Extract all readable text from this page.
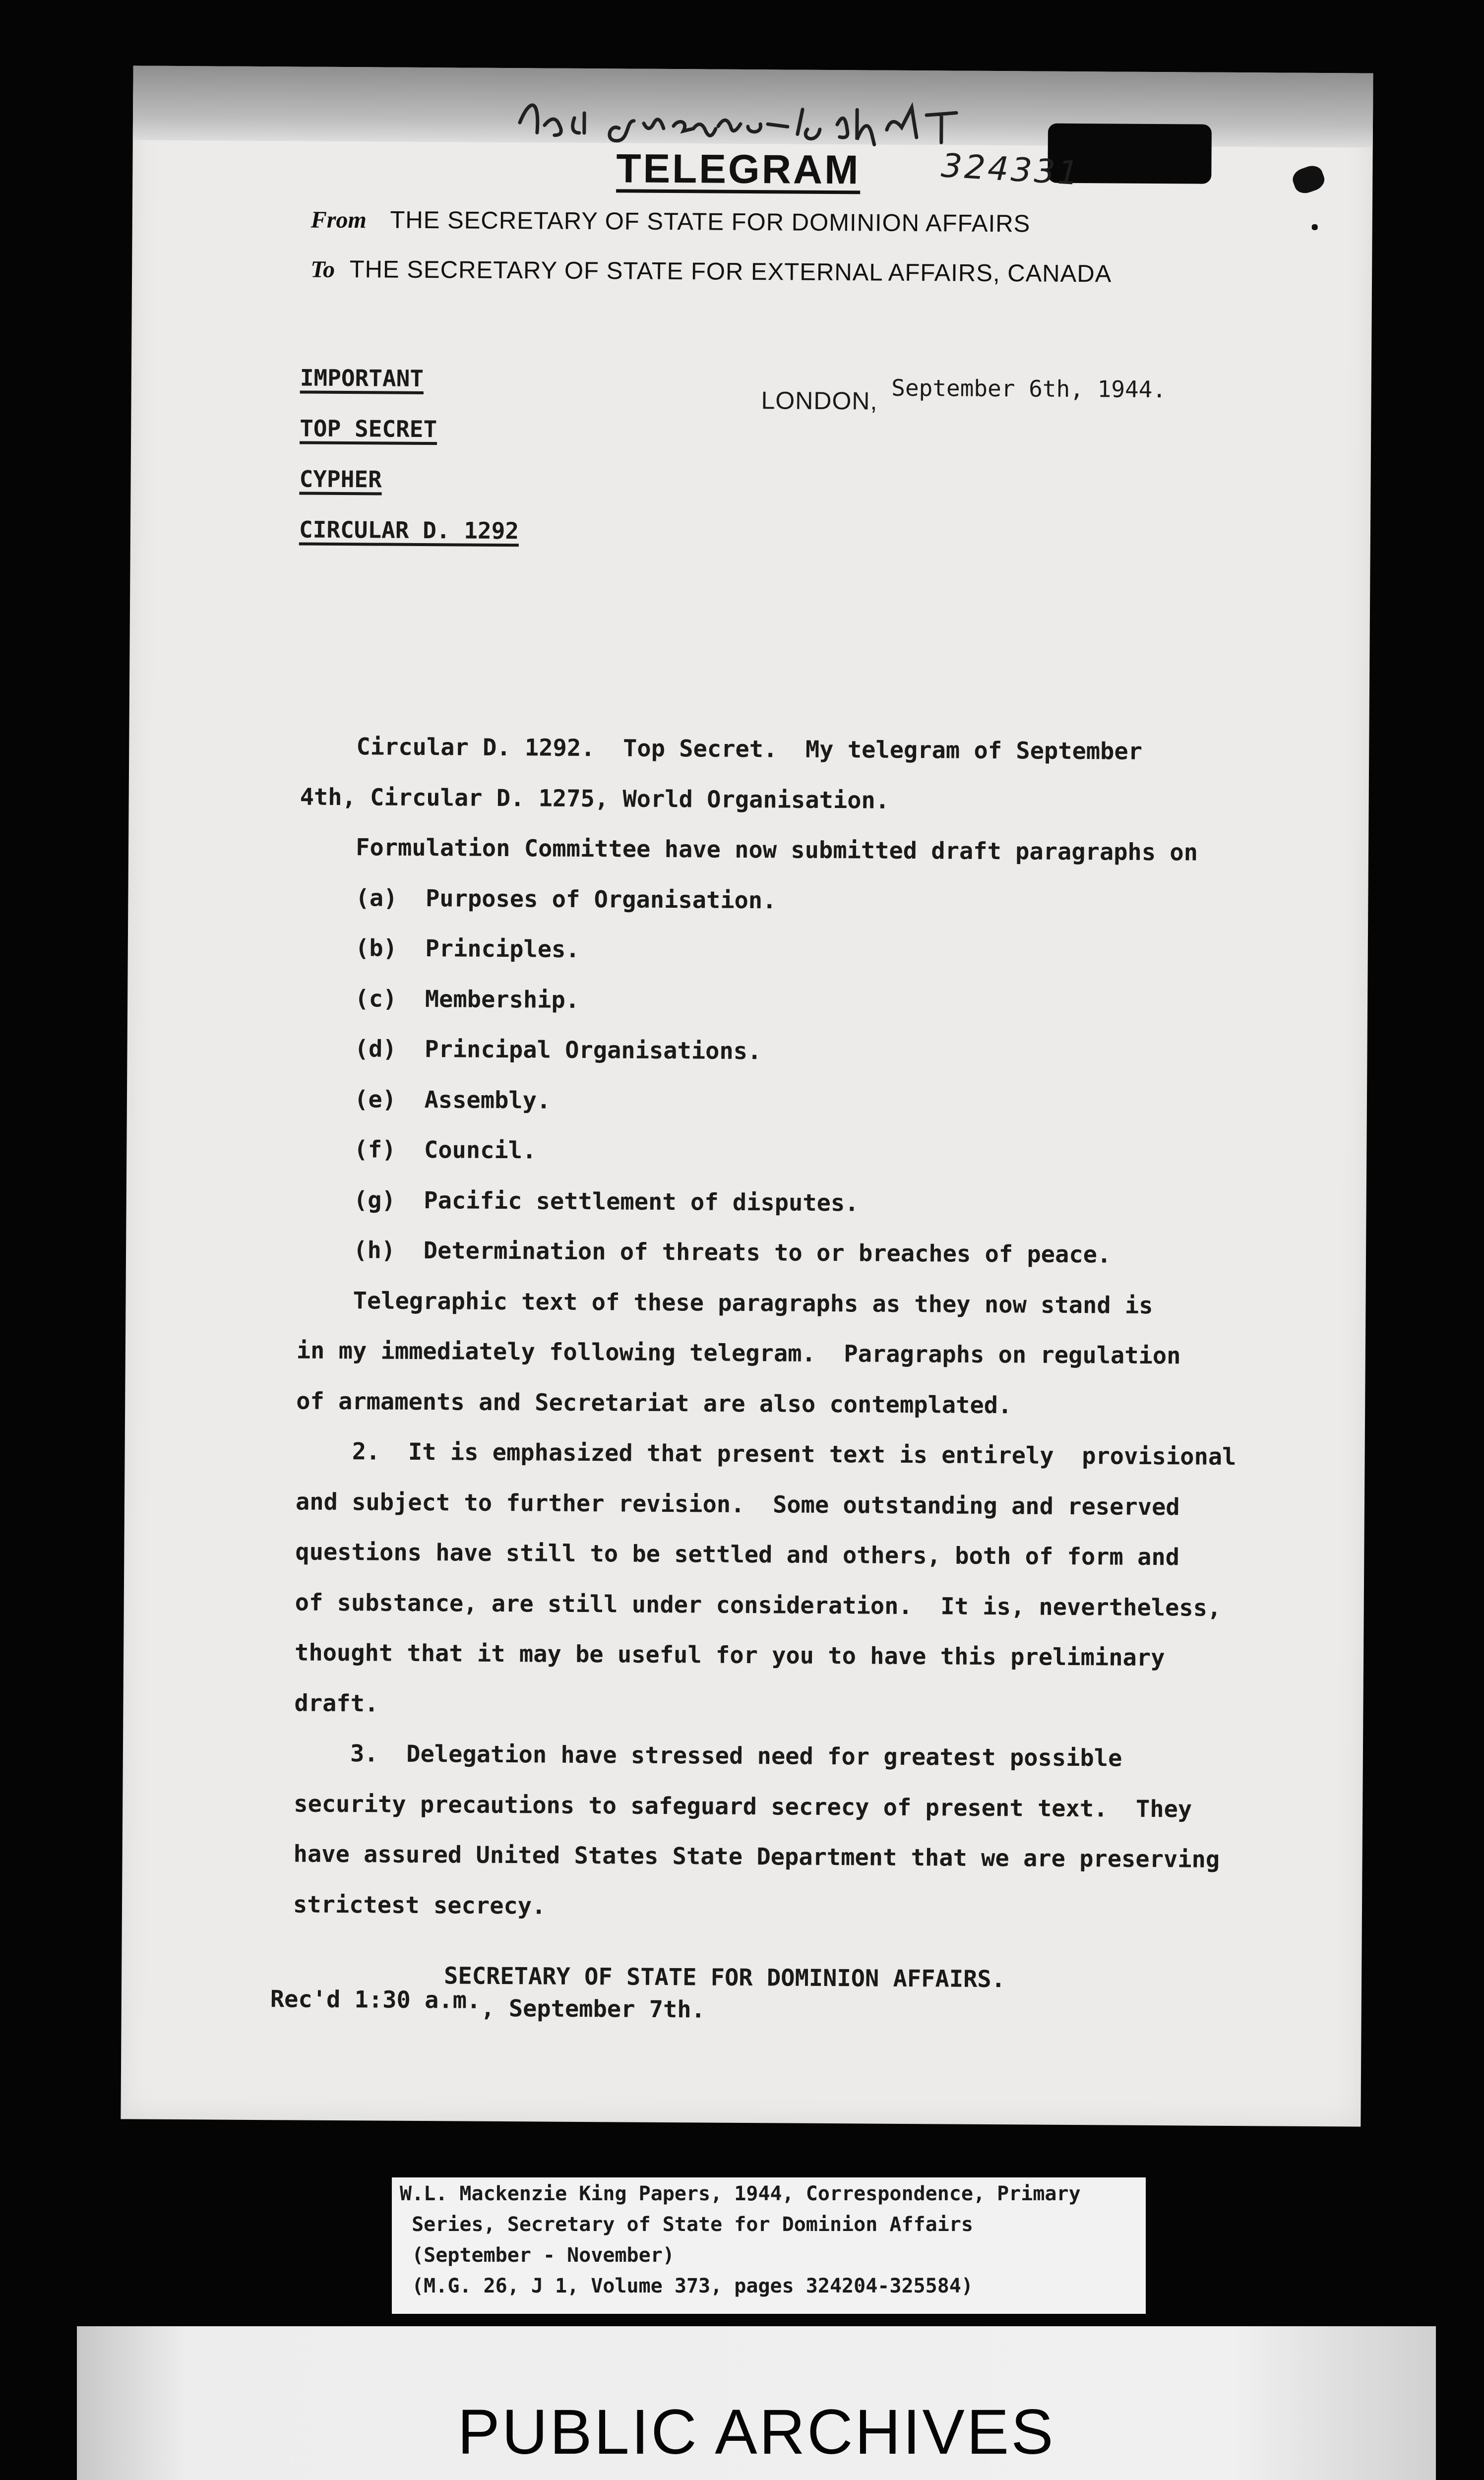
TELEGRAM 324331
From THE SECRETARY OF STATE FOR DOMINION AFFAIRS
To THE SECRETARY OF STATE FOR EXTERNAL AFFAIRS, CANADA
IMPORTANT
TOP SECRET
CYPHER
CIRCULAR D. 1292
LONDON, September 6th, 1944.
Circular D. 1292.  Top Secret.  My telegram of September
4th, Circular D. 1275, World Organisation.
Formulation Committee have now submitted draft paragraphs on
(a)  Purposes of Organisation.
(b)  Principles.
(c)  Membership.
(d)  Principal Organisations.
(e)  Assembly.
(f)  Council.
(g)  Pacific settlement of disputes.
(h)  Determination of threats to or breaches of peace.
Telegraphic text of these paragraphs as they now stand is
in my immediately following telegram.  Paragraphs on regulation
of armaments and Secretariat are also contemplated.
2.  It is emphasized that present text is entirely  provisional
and subject to further revision.  Some outstanding and reserved
questions have still to be settled and others, both of form and
of substance, are still under consideration.  It is, nevertheless,
thought that it may be useful for you to have this preliminary
draft.
3.  Delegation have stressed need for greatest possible
security precautions to safeguard secrecy of present text.  They
have assured United States State Department that we are preserving
strictest secrecy.
SECRETARY OF STATE FOR DOMINION AFFAIRS.
Rec'd 1:30 a.m., September 7th.
W.L. Mackenzie King Papers, 1944, Correspondence, Primary
Series, Secretary of State for Dominion Affairs
(September - November)
(M.G. 26, J 1, Volume 373, pages 324204-325584)
PUBLIC ARCHIVES
